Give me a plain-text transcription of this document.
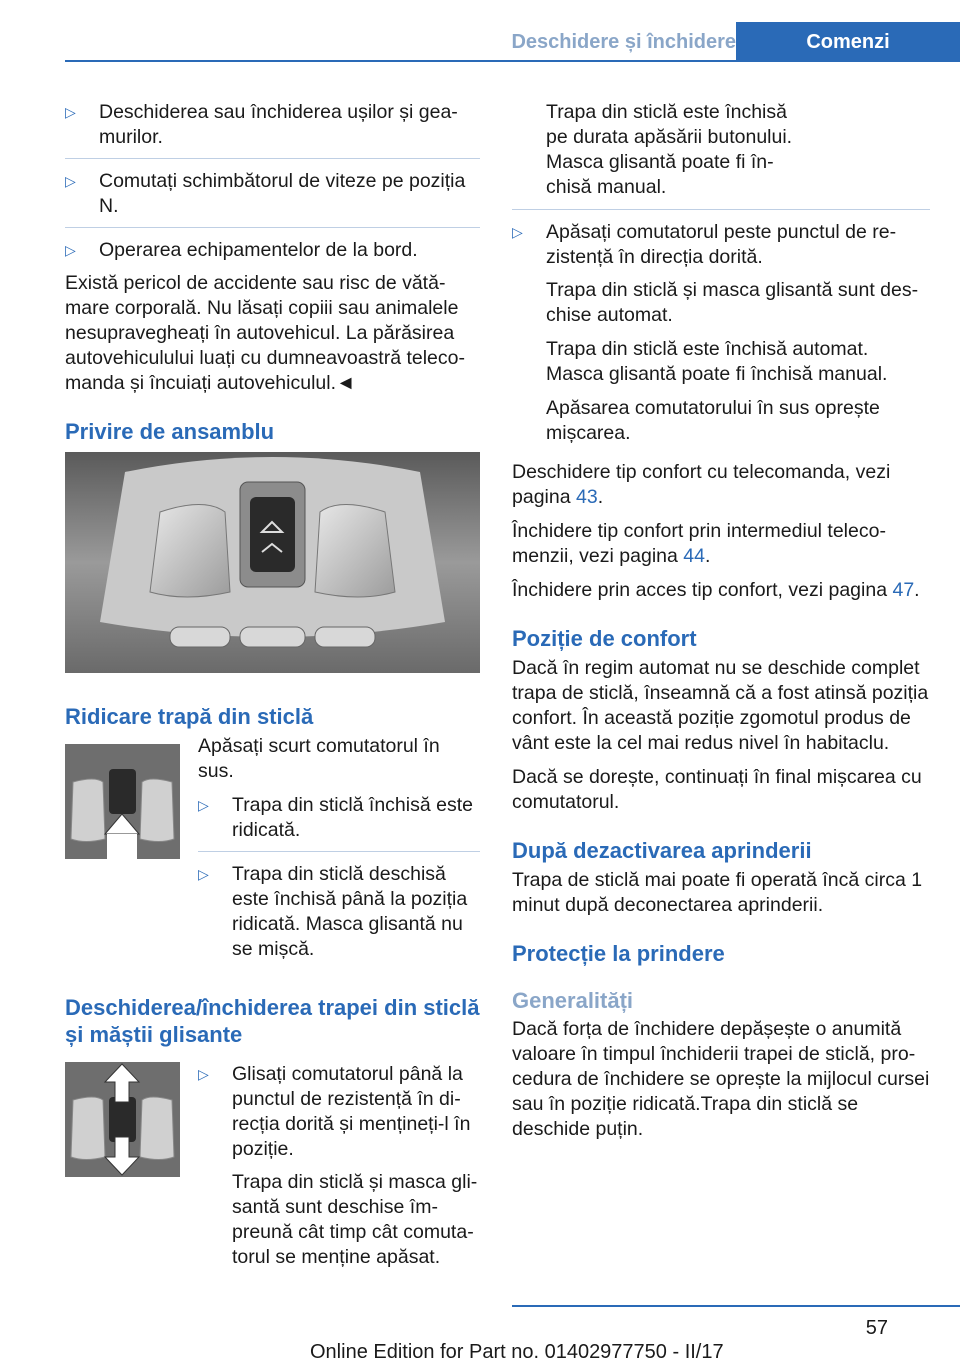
Deschidere și închidere	Comenzi
▷ Deschiderea sau închiderea ușilor și geamurilor.
▷ Comutați schimbătorul de viteze pe poziția N.
▷ Operarea echipamentelor de la bord.

Există pericol de accidente sau risc de vătămare corporală. Nu lăsați copiii sau animalele nesupravegheați în autovehicul. La părăsirea autovehiculului luați cu dumneavoastră telecomanda și încuiați autovehiculul.◄

Privire de ansamblu
Ridicare trapă din sticlă

Apăsați scurt comutatorul în sus.

▷ Trapa din sticlă închisă este ridicată.
▷ Trapa din sticlă deschisă este închisă până la poziția ridicată. Masca glisantă nu se mișcă.
Deschiderea/închiderea trapei din sticlă și măștii glisante
▷ Glisați comutatorul până la punctul de rezistență în direcția dorită și mențineți-l în poziție.

Trapa din sticlă și masca glisantă sunt deschise împreună cât timp cât comutatorul se menține apăsat.

Trapa din sticlă este închisă pe durata apăsării butonului. Masca glisantă poate fi închisă manual.

▷ Apăsați comutatorul peste punctul de rezistență în direcția dorită.

Trapa din sticlă și masca glisantă sunt deschise automat.

Trapa din sticlă este închisă automat. Masca glisantă poate fi închisă manual.

Apăsarea comutatorului în sus oprește mișcarea.

Deschidere tip confort cu telecomanda, vezi pagina 43.

Închidere tip confort prin intermediul telecomenzii, vezi pagina 44.

Închidere prin acces tip confort, vezi pagina 47.

Poziție de confort

Dacă în regim automat nu se deschide complet trapa de sticlă, înseamnă că a fost atinsă poziția confort. În această poziție zgomotul produs de vânt este la cel mai redus nivel în habitaclu.

Dacă se dorește, continuați în final mișcarea cu comutatorul.

După dezactivarea aprinderii

Trapa de sticlă mai poate fi operată încă circa 1 minut după deconectarea aprinderii.

Protecție la prindere
Generalități

Dacă forța de închidere depășește o anumită valoare în timpul închiderii trapei de sticlă, procedura de închidere se oprește la mijlocul cursei sau în poziție ridicată.Trapa din sticlă se deschide puțin.

57
Online Edition for Part no. 01402977750 - II/17
